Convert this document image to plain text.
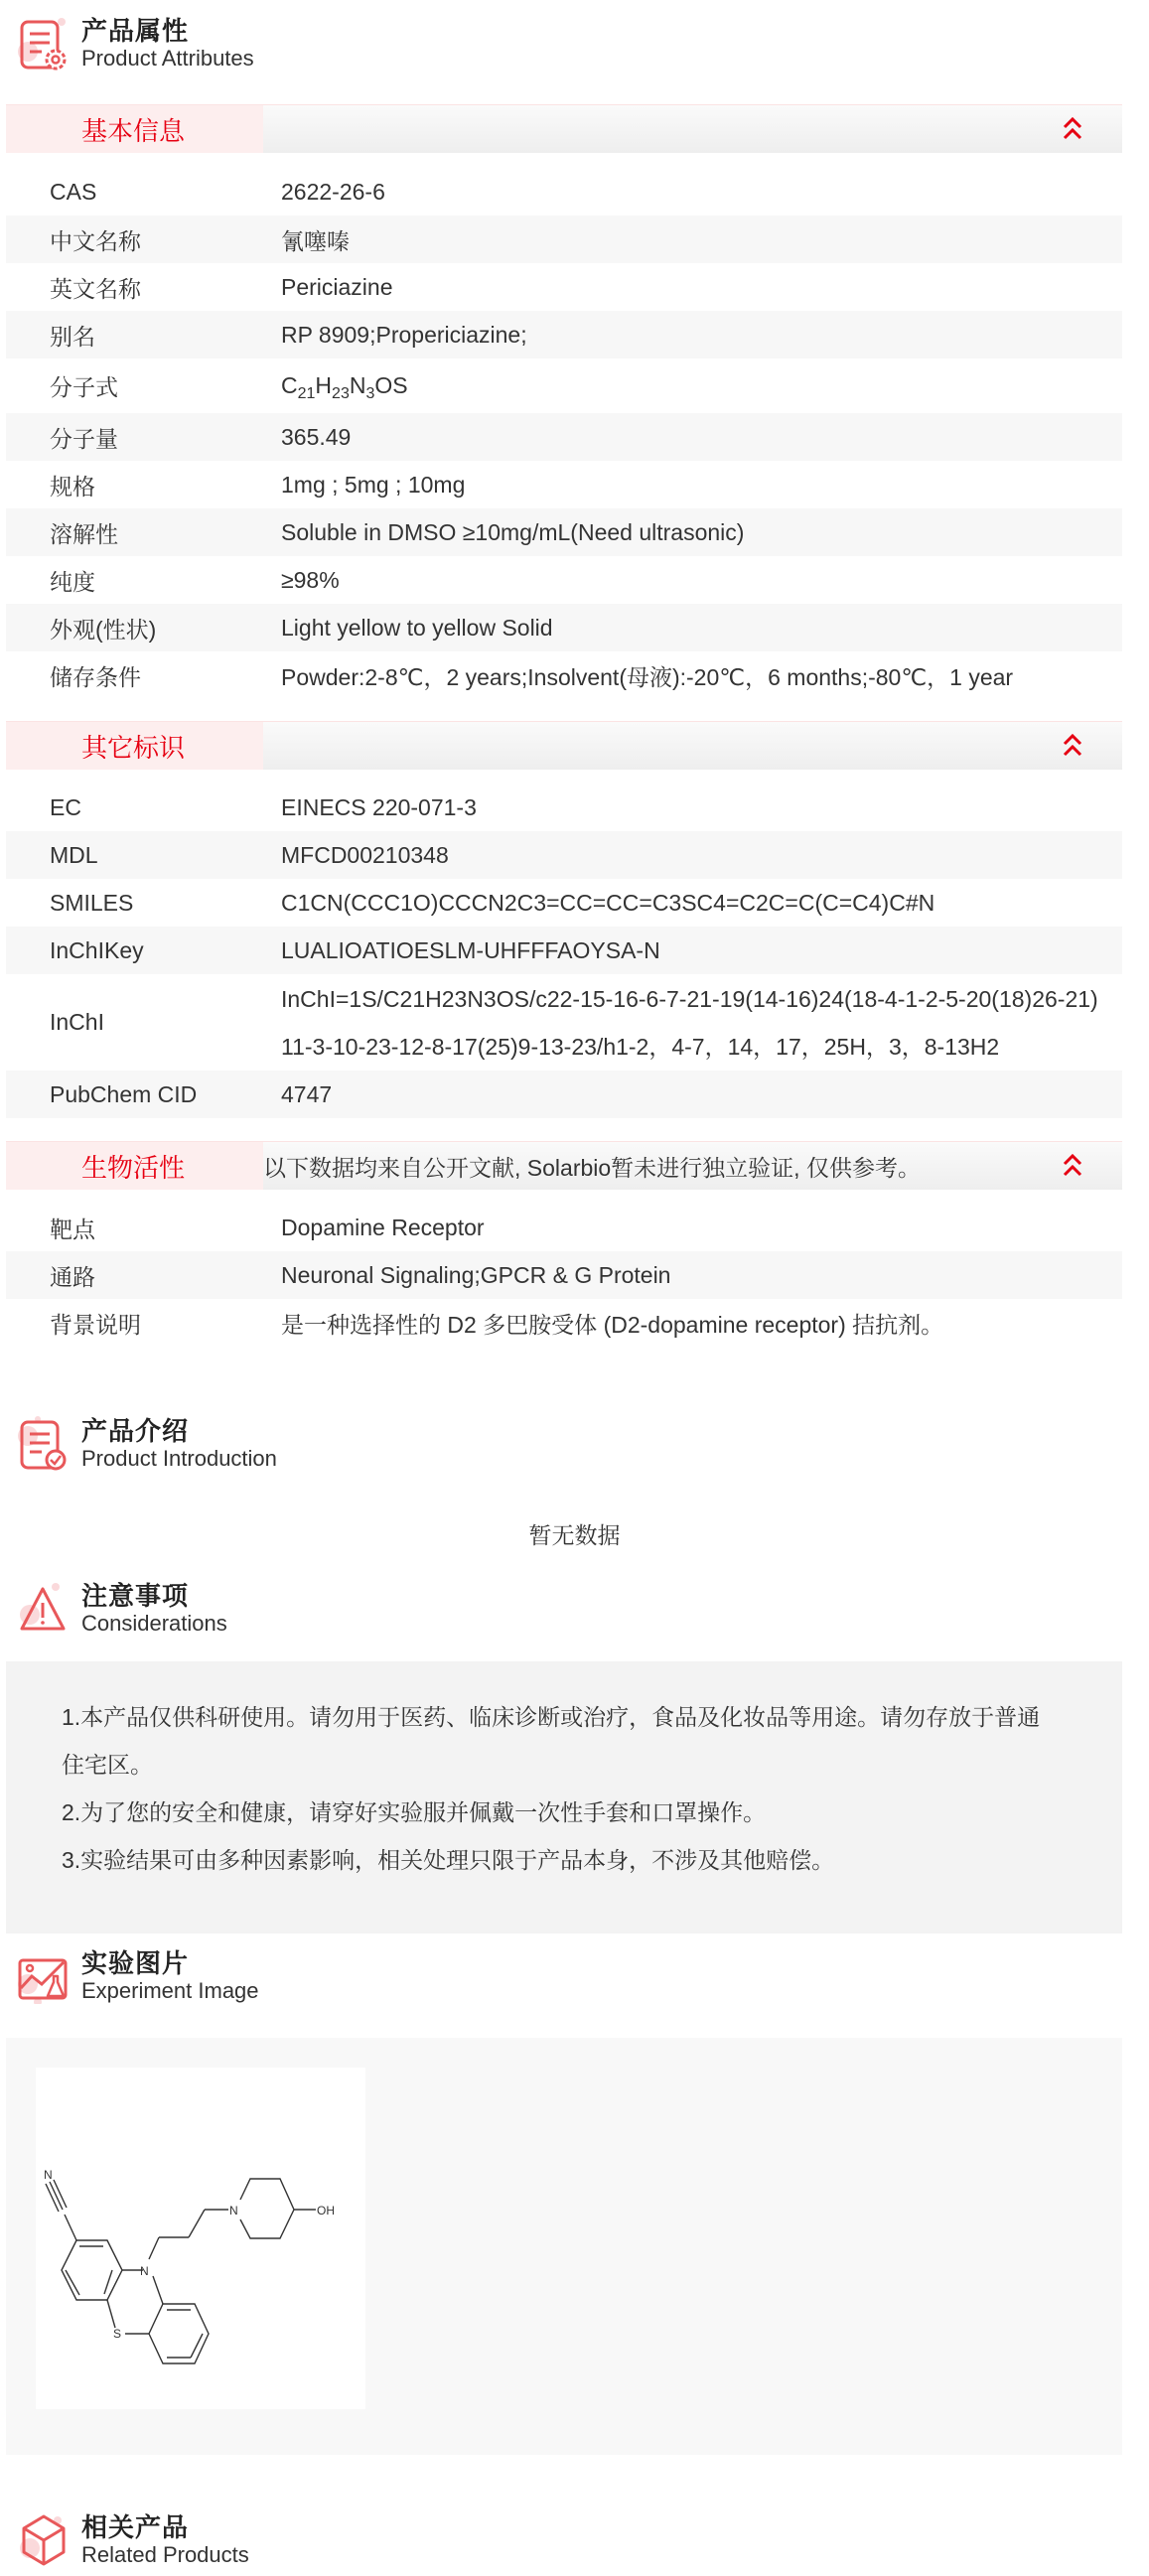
产品属性
Product Attributes
基本信息
CAS	2622-26-6
中文名称	氰噻嗪
英文名称	Periciazine
别名	RP 8909;Propericiazine;
分子式	$C_{21}H_{23}N_3OS$
分子量	365.49
规格	1mg ; 5mg ; 10mg
溶解性	Soluble in DMSO ≥10mg/mL(Need ultrasonic)
纯度	≥98%
外观(性状)	Light yellow to yellow Solid
储存条件	Powder:2-8℃，2 years;Insolvent(母液):-20℃，6 months;-80℃，1 year
其它标识
EC	EINECS 220-071-3
MDL	MFCD00210348
SMILES	C1CN(CCC1O)CCCN2C3=CC=CC=C3SC4=C2C=C(C=C4)C#N
InChIKey	LUALIOATIOESLM-UHFFFAOYSA-N
InChI
InChI=1S/C21H23N3OS/c22-15-16-6-7-21-19(14-16)24(18-4-1-2-5-20(18)26-21)11-3-10-23-12-8-17(25)9-13-23/h1-2，4-7，14，17，25H，3，8-13H2
PubChem CID	4747
生物活性	以下数据均来自公开文献, Solarbio暂未进行独立验证, 仅供参考。
靶点	Dopamine Receptor
通路	Neuronal Signaling;GPCR & G Protein
背景说明	是一种选择性的 D2 多巴胺受体 (D2-dopamine receptor) 拮抗剂。
产品介绍
Product Introduction
暂无数据
注意事项
Considerations
1.本产品仅供科研使用。请勿用于医药、临床诊断或治疗，食品及化妆品等用途。请勿存放于普通住宅区。
2.为了您的安全和健康，请穿好实验服并佩戴一次性手套和口罩操作。
3.实验结果可由多种因素影响，相关处理只限于产品本身，不涉及其他赔偿。
实验图片
Experiment Image
N
N
S
N	OH
相关产品
Related Products
